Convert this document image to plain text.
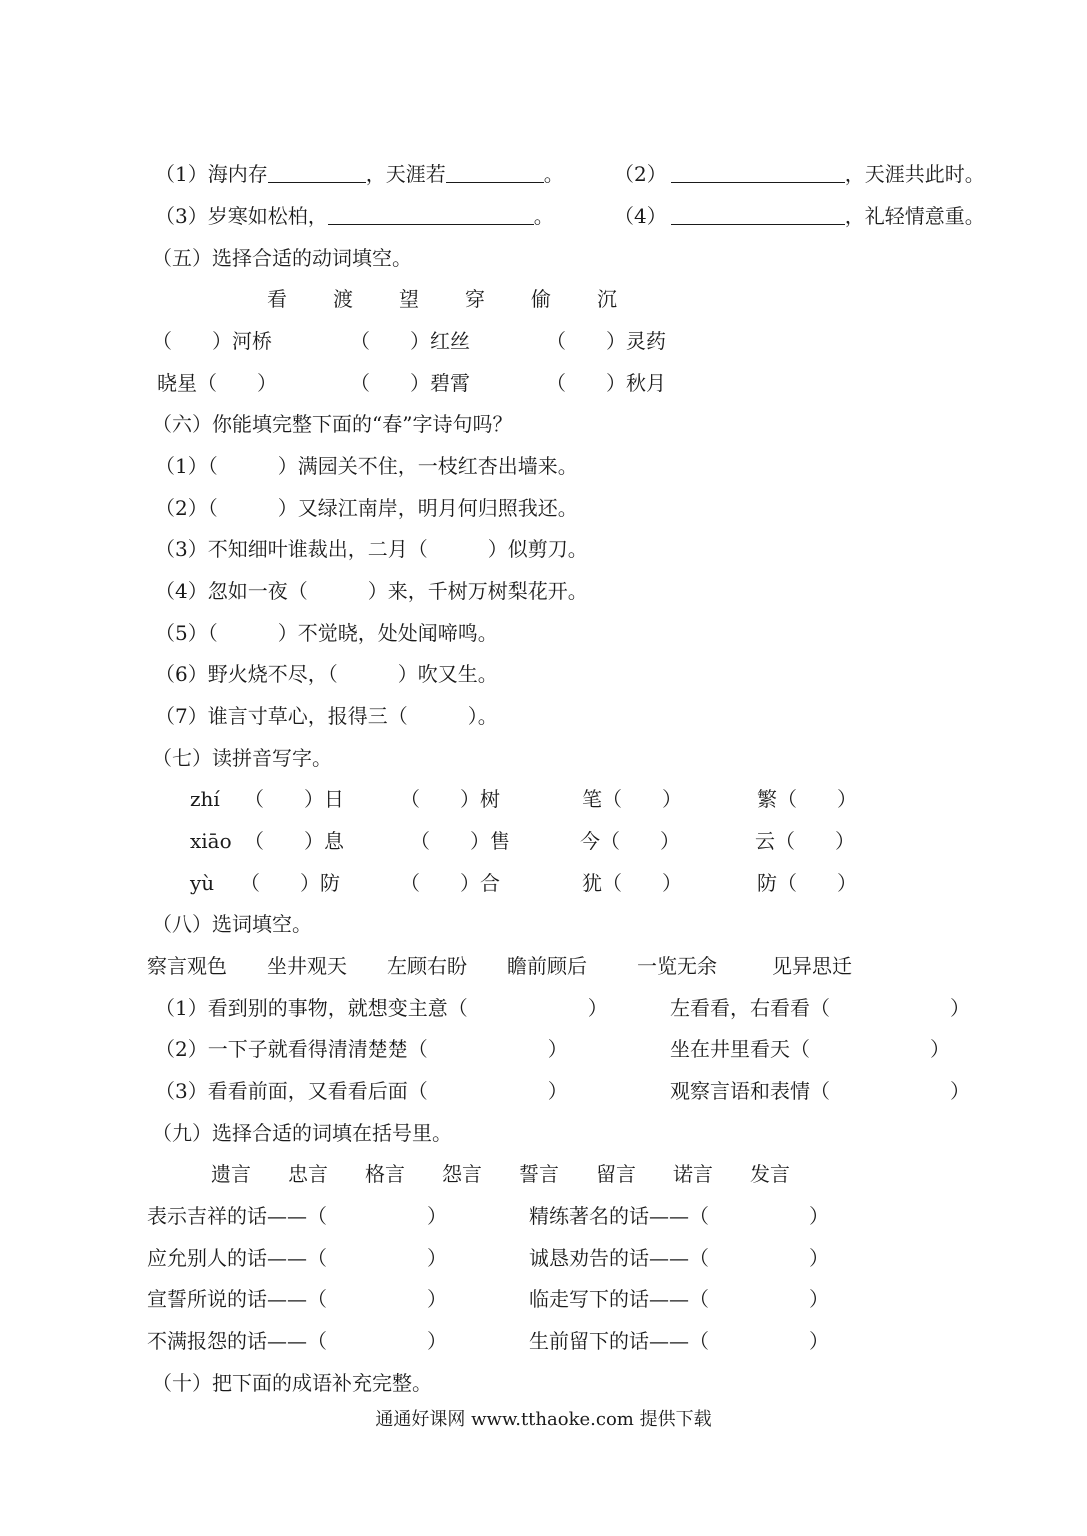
（1）海内存	，天涯若	。	（2）	，天涯共此时。
（3）岁寒如松柏，	。	（4）	，礼轻情意重。
（五）选择合适的动词填空。
看 渡 望 穿 偷 沉
（　　）河桥	（　　）红丝	（　　）灵药
晓星（　　）	（　　）碧霄	（　　）秋月
（六）你能填完整下面的“春”字诗句吗？
（1）（　　　）满园关不住，一枝红杏出墙来。
（2）（　　　）又绿江南岸，明月何归照我还。
（3）不知细叶谁裁出，二月（　　　）似剪刀。
（4）忽如一夜（　　　）来，千树万树梨花开。
（5）（　　　）不觉晓，处处闻啼鸣。
（6）野火烧不尽，（　　　）吹又生。
（7）谁言寸草心，报得三（　　　）。
（七）读拼音写字。
zhí （　　）日	（　　）树	笔（　　）	繁（　　）
xiāo （　　）息	（　　）售	今（　　）	云（　　）
yù （　　）防	（　　）合	犹（　　）	防（　　）
（八）选词填空。
察言观色 坐井观天 左顾右盼 瞻前顾后	一览无余	见异思迁
（1）看到别的事物，就想变主意（　　　　　　）	左看看，右看看（　　　　　　）
（2）一下子就看得清清楚楚（　　　　　　）	坐在井里看天（　　　　　　）
（3）看看前面，又看看后面（　　　　　　）	观察言语和表情（　　　　　　）
（九）选择合适的词填在括号里。
遗言 忠言 格言 怨言 誓言 留言 诺言 发言
表示吉祥的话——（　　　　　）	精练著名的话——（　　　　　）
应允别人的话——（　　　　　）	诚恳劝告的话——（　　　　　）
宣誓所说的话——（　　　　　）	临走写下的话——（　　　　　）
不满报怨的话——（　　　　　）	生前留下的话——（　　　　　）
（十）把下面的成语补充完整。
通通好课网 www.tthaoke.com 提供下载
